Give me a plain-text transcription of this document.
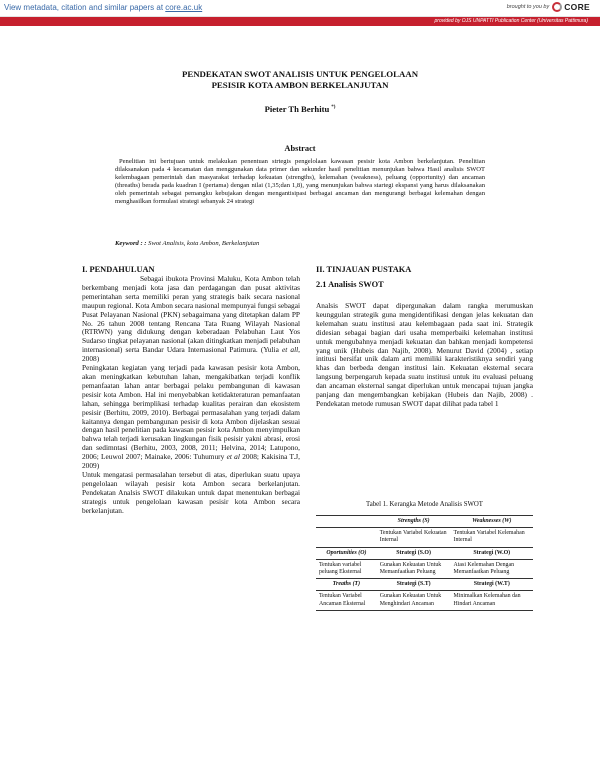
View metadata, citation and similar papers at core.ac.uk	brought to you by CORE
provided by OJS UNPATTI Publication Center (Universitas Pattimura)
PENDEKATAN SWOT ANALISIS UNTUK PENGELOLAAN
PESISIR KOTA AMBON BERKELANJUTAN
Pieter Th Berhitu *)
Abstract
Penelitian ini bertujuan untuk melakukan penentuan strtegis pengelolaan kawasan pesisir kota Ambon berkelanjutan. Penelitian dilaksanakan pada 4 kecamatan dan menggunakan data primer dan sekunder hasil penelitian menunjukan bahwa Hasil analisis SWOT kelembagaan pemerintah dan masyarakat terhadap kekuatan (strengths), kelemahan (weakness), peluang (opportunity) dan ancaman (threaths) berada pada kuadran I (pertama) dengan nilai (1,35;dan 1,8), yang menunjukan bahwa startegi ekspansi yang harus dilaksanakan oleh pemerintah sebagai pemangku kebujakan dengan mengantisipasi berbagai ancaman dan mengurangi berbagai kelemahan dengan menghasilkan formulasi strategi sebanyak 24 strategi
Keyword : : Swot Analisis, kota Ambon, Berkelanjutan
I. PENDAHULUAN
Sebagai ibukota Provinsi Maluku, Kota Ambon telah berkembang menjadi kota jasa dan perdagangan dan pusat aktivitas pemerintahan serta memiliki peran yang strategis baik secara nasional maupun regional. Kota Ambon secara nasional mempunyai fungsi sebagai Pusat Pelayanan Nasional (PKN) sebagaimana yang ditetapkan dalam PP No. 26 tahun 2008 tentang Rencana Tata Ruang Wilayah Nasional (RTRWN) yang didukung dengan keberadaan Pelabuhan Laut Yos Sudarso tingkat pelayanan nasional (akan ditingkatkan menjadi pelabuhan internasional) serta Bandar Udara Internasional Patimura. (Yulia et all, 2008)
Peningkatan kegiatan yang terjadi pada kawasan pesisir kota Ambon, akan meningkatkan kebutuhan lahan, mengakibatkan terjadi konflik pemanfaatan lahan antar berbagai pelaku pembangunan di kawasan pesisir kota Ambon. Hal ini menyebabkan ketidakteraturan pemanfaatan lahan, sehingga berimplikasi terhadap kualitas perairan dan ekosistem pesisir (Berhitu, 2009, 2010). Berbagai permasalahan yang terjadi dalam kaitannya dengan pembangunan pesisir di kota Ambon dijelaskan sesuai dengan hasil penelitian pada kawasan pesisir kota Ambon menyimpulkan bahwa telah terjadi kerusakan lingkungan fisik pesisir yakni abrasi, erosi dan sedimntasi (Berhitu, 2003, 2008, 2011; Helvina, 2014; Latupono, 2006; Leuwol 2007; Mainake, 2006: Tuhumury et al 2008; Kakisina T.J, 2009)
Untuk mengatasi permasalahan tersebut di atas, diperlukan suatu upaya pengelolaan wilayah pesisir kota Ambon secara berkelanjutan. Pendekatan Analsis SWOT dilakukan untuk dapat menentukan berbagai strategis untuk pengelolaan kawasan pesisir kota Ambon secara berkelanjutan.
II. TINJAUAN PUSTAKA
2.1 Analisis SWOT
Analsis SWOT dapat dipergunakan dalam rangka merumuskan keunggulan strategik guna mengidentifikasi dengan jelas kekuatan dan kelemahan suatu institusi atau kelembagaan pada saat ini. Strategik didesian sebagai bagian dari usaha memperbaiki kelemahan institusi untuk mengubahnya menjadi kekuatan dan bahkan menjadi kompetensi yang unik (Hubeis dan Najib, 2008). Menurut David (2004) , setiap intitusi bersifat unik dalam arti memiliki karakteristiknya sendiri yang khas dan berbeda dengan institusi lain. Kekuatan eksternal secara langsung berpengaruh kepada suatu institusi untuk itu evaluasi peluang dan ancaman eksternal sangat diperlukan untuk mencapai tujuan jangka panjang dan mengembangkan kebijakan (Hubeis dan Najib, 2008) . Pendekatan metode rumusan SWOT dapat dilihat pada tabel 1
Tabel 1. Kerangka Metode Analisis SWOT
	Strengths (S)	Weaknesses (W)
	Tentukan Variabel Kekuatan Internal	Tentukan Variabel Kelemahan Internal
Oportunities (O)	Strategi (S.O)	Strategi (W.O)
Tentukan variabel peluang Eksternal	Gunakan Kekuatan Untuk Memanfaatkan Peluang	Atasi Kelemahan Dengan Memanfaatkan Peluang
Treaths (T)	Strategi (S.T)	Strategi (W.T)
Tentukan Variabel Ancaman Eksternal	Gunakan Kekuatan Untuk Menghindari Ancaman	Minimalkan Kelemahan dan Hindari Ancaman
